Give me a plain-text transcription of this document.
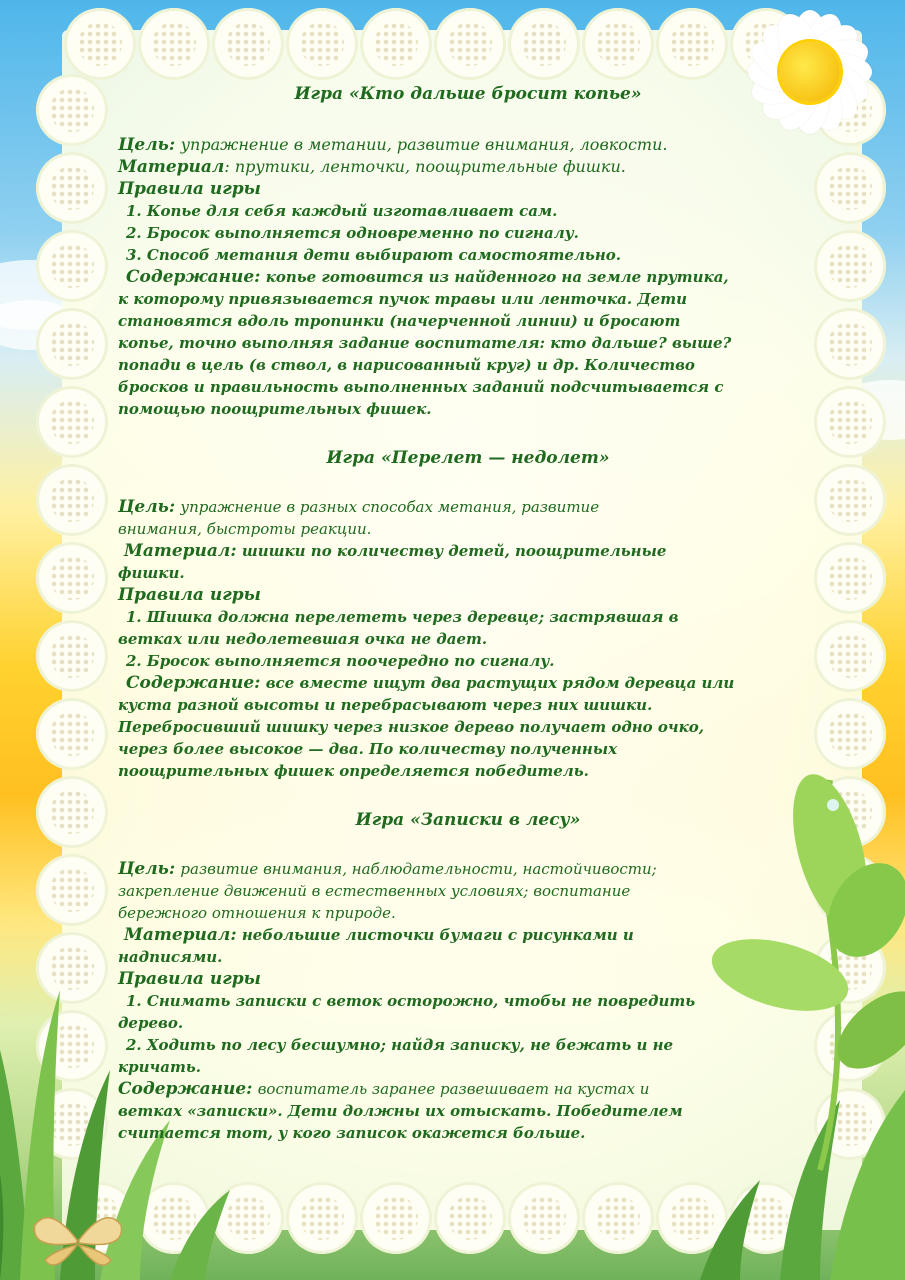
Игра «Кто дальше бросит копье»

Цель: упражнение в метании, развитие внимания, ловкости.

Материал: прутики, ленточки, поощрительные фишки.

Правила игры

1. Копье для себя каждый изготавливает сам.

2. Бросок выполняется одновременно по сигналу.

3. Способ метания дети выбирают самостоятельно.

Содержание: копье готовится из найденного на земле прутика,

к которому привязывается пучок травы или ленточка. Дети

становятся вдоль тропинки (начерченной линии) и бросают

копье, точно выполняя задание воспитателя: кто дальше? выше?

попади в цель (в ствол, в нарисованный круг) и др. Количество

бросков и правильность выполненных заданий подсчитывается с

помощью поощрительных фишек.

Игра «Перелет — недолет»

Цель: упражнение в разных способах метания, развитие

внимания, быстроты реакции.

Материал: шишки по количеству детей, поощрительные

фишки.

Правила игры

1. Шишка должна перелететь через деревце; застрявшая в

ветках или недолетевшая очка не дает.

2. Бросок выполняется поочередно по сигналу.

Содержание: все вместе ищут два растущих рядом деревца или

куста разной высоты и перебрасывают через них шишки.

Перебросивший шишку через низкое дерево получает одно очко,

через более высокое — два. По количеству полученных

поощрительных фишек определяется победитель.

Игра «Записки в лесу»

Цель: развитие внимания, наблюдательности, настойчивости;

закрепление движений в естественных условиях; воспитание

бережного отношения к природе.

Материал: небольшие листочки бумаги с рисунками и

надписями.

Правила игры

1. Снимать записки с веток осторожно, чтобы не повредить

дерево.

2. Ходить по лесу бесшумно; найдя записку, не бежать и не

кричать.

Содержание: воспитатель заранее развешивает на кустах и

ветках «записки». Дети должны их отыскать. Победителем

считается тот, у кого записок окажется больше.
